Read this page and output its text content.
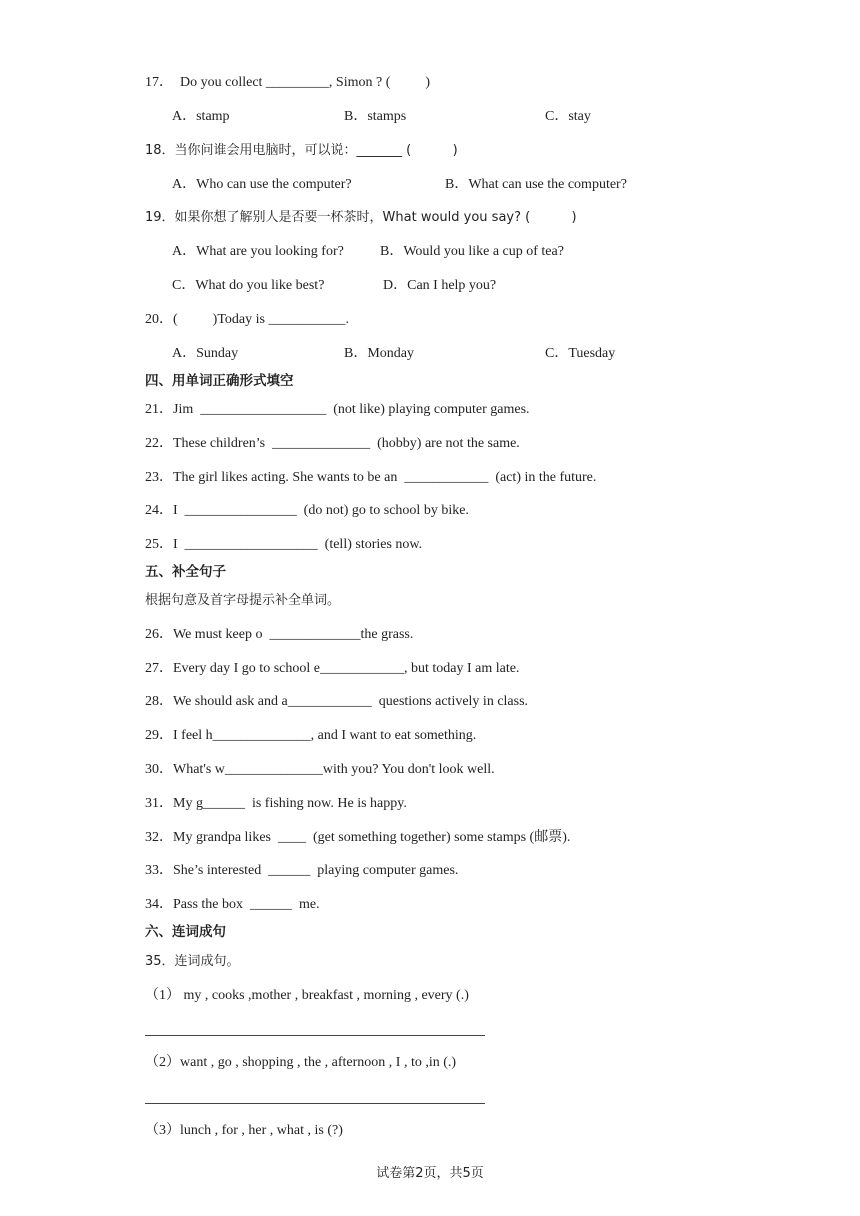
17．  Do you collect _________, Simon ? (          )
A．stamp	B．stamps	C．stay
18．当你问谁会用电脑时，可以说：_______ (          )
A．Who can use the computer?	B．What can use the computer?
19．如果你想了解别人是否要一杯茶时，What would you say? (          )
A．What are you looking for?	B．Would you like a cup of tea?
C．What do you like best?	D．Can I help you?
20．(          )Today is ___________.
A．Sunday	B．Monday	C．Tuesday
四、用单词正确形式填空
21．Jim  __________________  (not like) playing computer games.
22．These children’s  ______________  (hobby) are not the same.
23．The girl likes acting. She wants to be an  ____________  (act) in the future.
24．I  ________________  (do not) go to school by bike.
25．I  ___________________  (tell) stories now.
五、补全句子
根据句意及首字母提示补全单词。
26．We must keep o  _____________the grass.
27．Every day I go to school e____________, but today I am late.
28．We should ask and a____________  questions actively in class.
29．I feel h______________, and I want to eat something.
30．What's w______________with you? You don't look well.
31．My g______  is fishing now. He is happy.
32．My grandpa likes  ____  (get something together) some stamps (邮票).
33．She’s interested  ______  playing computer games.
34．Pass the box  ______  me.
六、连词成句
35．连词成句。
（1） my , cooks ,mother , breakfast , morning , every (.)
（2）want , go , shopping , the , afternoon , I , to ,in (.)
（3）lunch , for , her , what , is (?)
试卷第2页，共5页
